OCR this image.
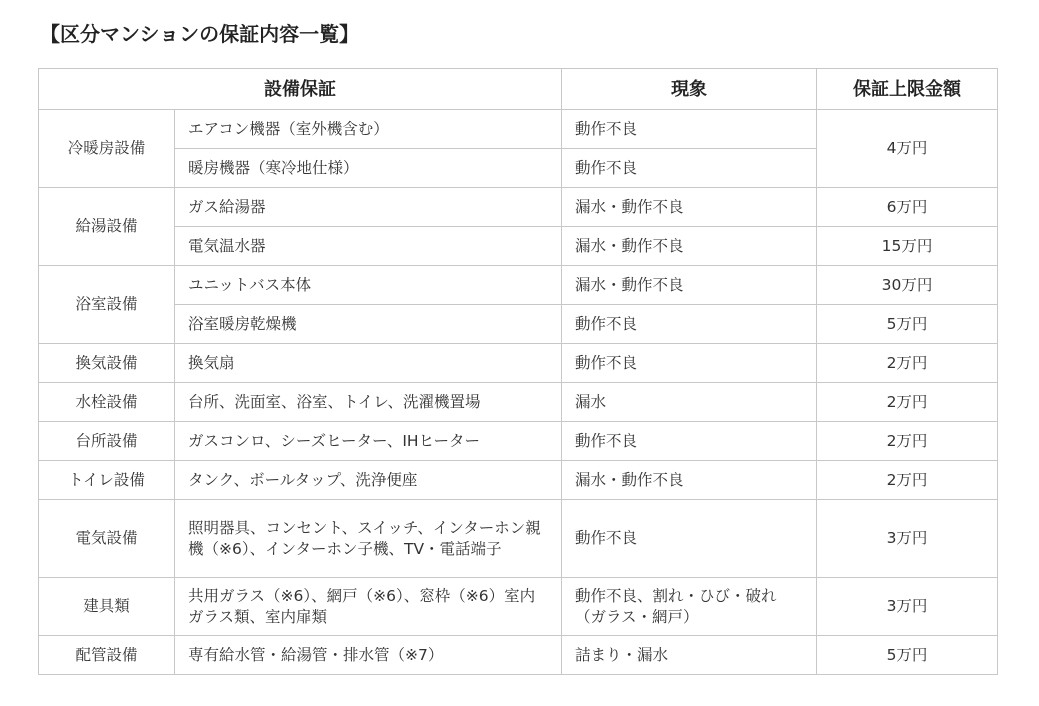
【区分マンションの保証内容一覧】
設備保証		現象	保証上限金額
冷暖房設備	エアコン機器（室外機含む）	動作不良	4万円
	暖房機器（寒冷地仕様）	動作不良	
給湯設備	ガス給湯器	漏水・動作不良	6万円
	電気温水器	漏水・動作不良	15万円
浴室設備	ユニットバス本体	漏水・動作不良	30万円
	浴室暖房乾燥機	動作不良	5万円
換気設備	換気扇	動作不良	2万円
水栓設備	台所、洗面室、浴室、トイレ、洗濯機置場	漏水	2万円
台所設備	ガスコンロ、シーズヒーター、IHヒーター	動作不良	2万円
トイレ設備	タンク、ボールタップ、洗浄便座	漏水・動作不良	2万円
電気設備	照明器具、コンセント、スイッチ、インターホン親機（※6）、インターホン子機、TV・電話端子	動作不良	3万円
建具類	共用ガラス（※6）、網戸（※6）、窓枠（※6）室内ガラス類、室内扉類	動作不良、割れ・ひび・破れ（ガラス・網戸）	3万円
配管設備	専有給水管・給湯管・排水管（※7）	詰まり・漏水	5万円
